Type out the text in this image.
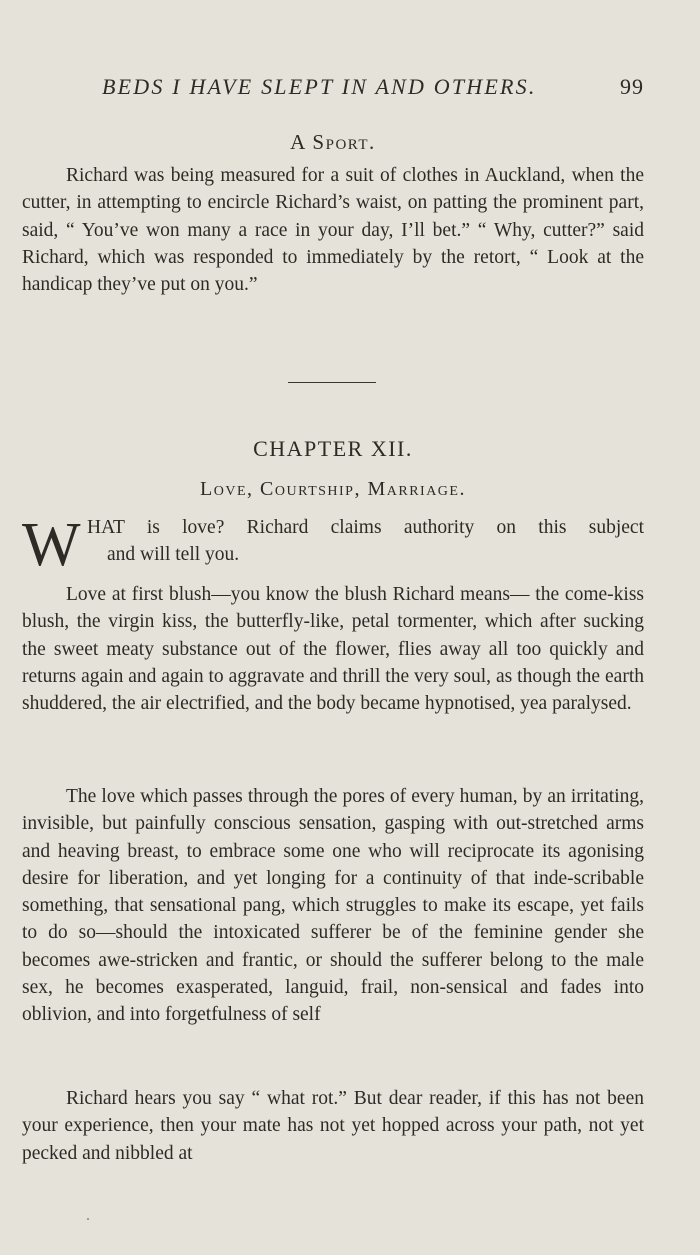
BEDS I HAVE SLEPT IN AND OTHERS.	99
A Sport.

Richard was being measured for a suit of clothes in Auckland, when the cutter, in attempting to encircle Richard’s waist, on patting the prominent part, said, “ You’ve won many a race in your day, I’ll bet.” “ Why, cutter?” said Richard, which was responded to immediately by the retort, “ Look at the handicap they’ve put on you.”

CHAPTER XII.
Love, Courtship, Marriage.
W HAT is love? Richard claims authority on this subject
and will tell you.

Love at first blush—you know the blush Richard means— the come-kiss blush, the virgin kiss, the butterfly-like, petal tormenter, which after sucking the sweet meaty substance out of the flower, flies away all too quickly and returns again and again to aggravate and thrill the very soul, as though the earth shuddered, the air electrified, and the body became hypnotised, yea paralysed.

The love which passes through the pores of every human, by an irritating, invisible, but painfully conscious sensation, gasping with out-stretched arms and heaving breast, to embrace some one who will reciprocate its agonising desire for liberation, and yet longing for a continuity of that inde-scribable something, that sensational pang, which struggles to make its escape, yet fails to do so—should the intoxicated sufferer be of the feminine gender she becomes awe-stricken and frantic, or should the sufferer belong to the male sex, he becomes exasperated, languid, frail, non-sensical and fades into oblivion, and into forgetfulness of self

Richard hears you say “ what rot.” But dear reader, if this has not been your experience, then your mate has not yet hopped across your path, not yet pecked and nibbled at
